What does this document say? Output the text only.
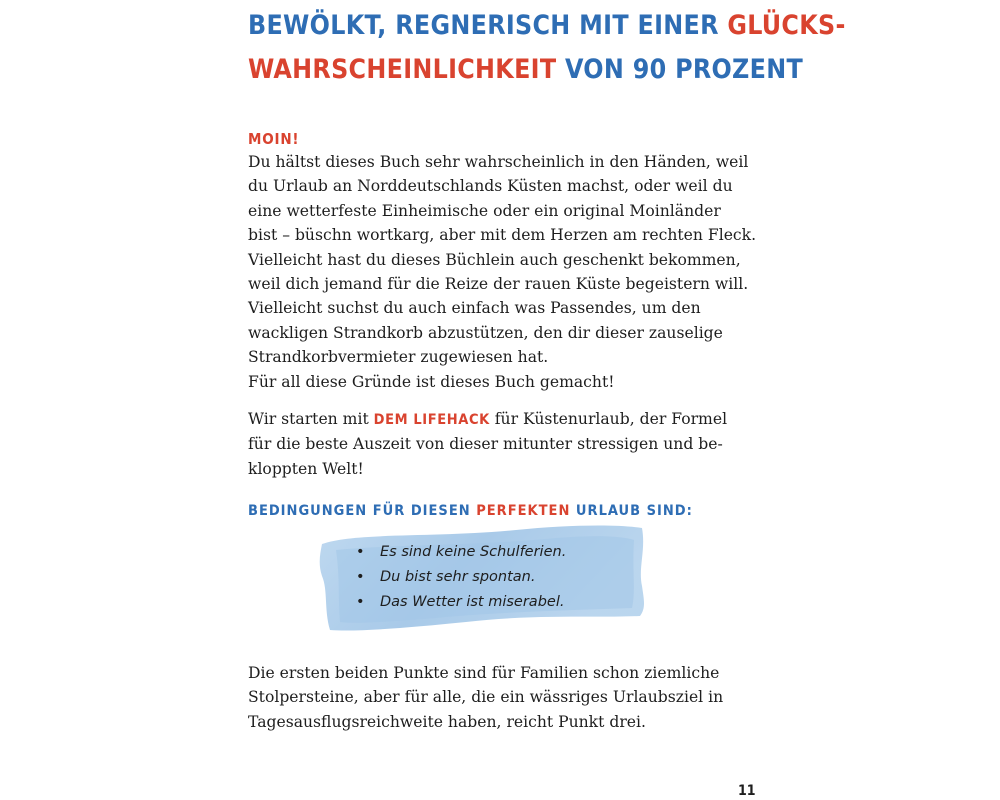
BEWÖLKT, REGNERISCH MIT EINER GLÜCKS-
WAHRSCHEINLICHKEIT VON 90 PROZENT

MOIN!

Du hältst dieses Buch sehr wahrscheinlich in den Händen, weil
du Urlaub an Norddeutschlands Küsten machst, oder weil du
eine wetterfeste Einheimische oder ein original Moinländer
bist – büschn wortkarg, aber mit dem Herzen am rechten Fleck.
Vielleicht hast du dieses Büchlein auch geschenkt bekommen,
weil dich jemand für die Reize der rauen Küste begeistern will.
Vielleicht suchst du auch einfach was Passendes, um den
wackligen Strandkorb abzustützen, den dir dieser zauselige
Strandkorbvermieter zugewiesen hat.
Für all diese Gründe ist dieses Buch gemacht!

Wir starten mit DEM LIFEHACK für Küstenurlaub, der Formel
für die beste Auszeit von dieser mitunter stressigen und be-
kloppten Welt!

BEDINGUNGEN FÜR DIESEN PERFEKTEN URLAUB SIND:
•	Es sind keine Schulferien.
•	Du bist sehr spontan.
•	Das Wetter ist miserabel.

Die ersten beiden Punkte sind für Familien schon ziemliche
Stolpersteine, aber für alle, die ein wässriges Urlaubsziel in
Tagesausflugsreichweite haben, reicht Punkt drei.

11
